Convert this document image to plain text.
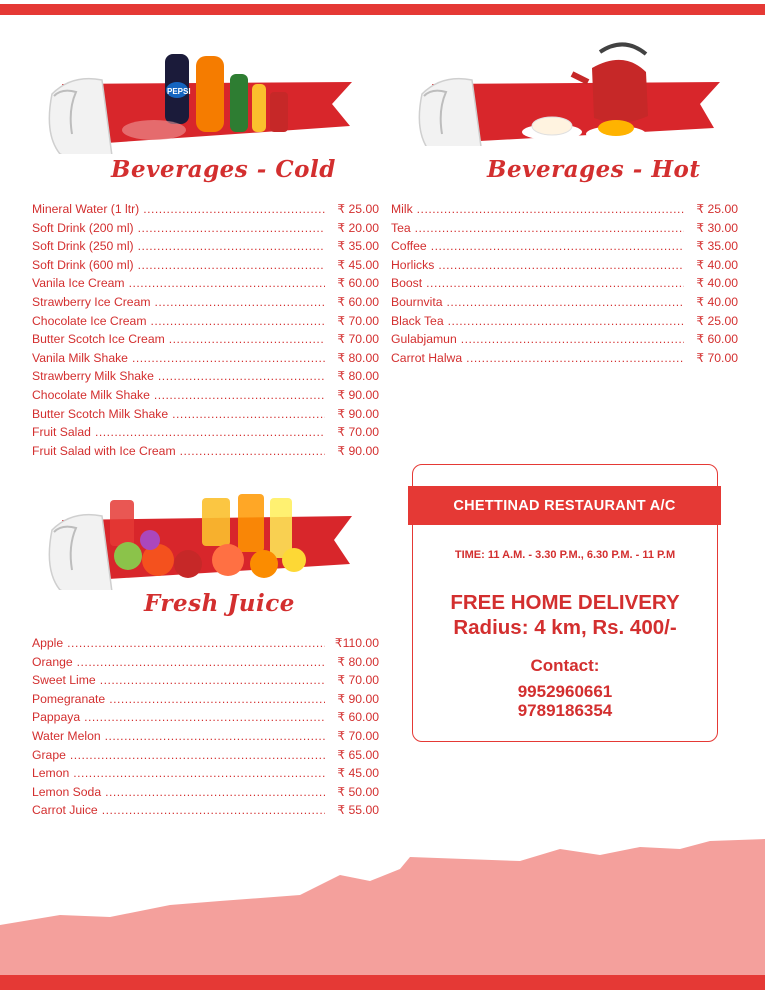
PEPSI
Beverages - Cold	Beverages - Hot
Mineral Water (1 ltr) .....	₹ 25.00
Soft Drink (200 ml) .....	₹ 20.00
Soft Drink (250 ml) .....	₹ 35.00
Soft Drink (600 ml) .....	₹ 45.00
Vanila Ice Cream .....	₹ 60.00
Strawberry Ice Cream .....	₹ 60.00
Chocolate Ice Cream .....	₹ 70.00
Butter Scotch Ice Cream .....	₹ 70.00
Vanila Milk Shake .....	₹ 80.00
Strawberry Milk Shake .....	₹ 80.00
Chocolate Milk Shake .....	₹ 90.00
Butter Scotch Milk Shake .....	₹ 90.00
Fruit Salad .....	₹ 70.00
Fruit Salad with Ice Cream .....	₹ 90.00
Milk .....	₹ 25.00
Tea .....	₹ 30.00
Coffee .....	₹ 35.00
Horlicks .....	₹ 40.00
Boost .....	₹ 40.00
Bournvita .....	₹ 40.00
Black Tea .....	₹ 25.00
Gulabjamun .....	₹ 60.00
Carrot Halwa .....	₹ 70.00
Fresh Juice
Apple .....	₹110.00
Orange .....	₹ 80.00
Sweet Lime .....	₹ 70.00
Pomegranate .....	₹ 90.00
Pappaya .....	₹ 60.00
Water Melon .....	₹ 70.00
Grape .....	₹ 65.00
Lemon .....	₹ 45.00
Lemon Soda .....	₹ 50.00
Carrot Juice .....	₹ 55.00
CHETTINAD RESTAURANT A/C
TIME: 11 A.M. - 3.30 P.M., 6.30 P.M. - 11 P.M
FREE HOME DELIVERY
Radius: 4 km, Rs. 400/-
Contact:
9952960661
9789186354
